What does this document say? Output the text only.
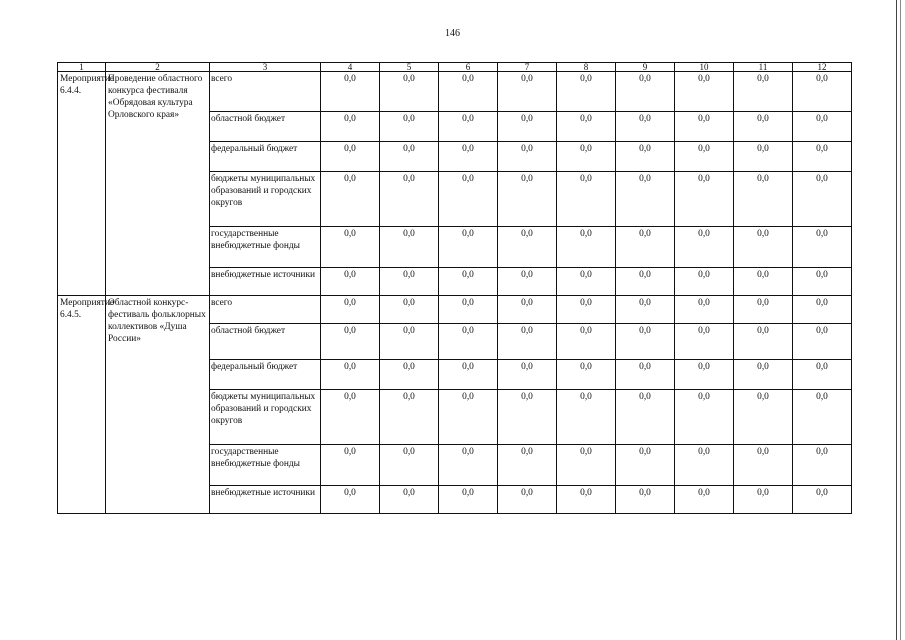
146
1	2	3	4	5	6	7	8	9	10	11	12
Мероприятие 6.4.4.	Проведение областного конкурса фестиваля «Обрядовая культура Орловского края»	всего	0,0	0,0	0,0	0,0	0,0	0,0	0,0	0,0	0,0
		областной бюджет	0,0	0,0	0,0	0,0	0,0	0,0	0,0	0,0	0,0
		федеральный бюджет	0,0	0,0	0,0	0,0	0,0	0,0	0,0	0,0	0,0
		бюджеты муниципальных образований и городских округов	0,0	0,0	0,0	0,0	0,0	0,0	0,0	0,0	0,0
		государственные внебюджетные фонды	0,0	0,0	0,0	0,0	0,0	0,0	0,0	0,0	0,0
		внебюджетные источники	0,0	0,0	0,0	0,0	0,0	0,0	0,0	0,0	0,0
Мероприятие 6.4.5.	Областной конкурс-фестиваль фольклорных коллективов «Душа России»	всего	0,0	0,0	0,0	0,0	0,0	0,0	0,0	0,0	0,0
		областной бюджет	0,0	0,0	0,0	0,0	0,0	0,0	0,0	0,0	0,0
		федеральный бюджет	0,0	0,0	0,0	0,0	0,0	0,0	0,0	0,0	0,0
		бюджеты муниципальных образований и городских округов	0,0	0,0	0,0	0,0	0,0	0,0	0,0	0,0	0,0
		государственные внебюджетные фонды	0,0	0,0	0,0	0,0	0,0	0,0	0,0	0,0	0,0
		внебюджетные источники	0,0	0,0	0,0	0,0	0,0	0,0	0,0	0,0	0,0
